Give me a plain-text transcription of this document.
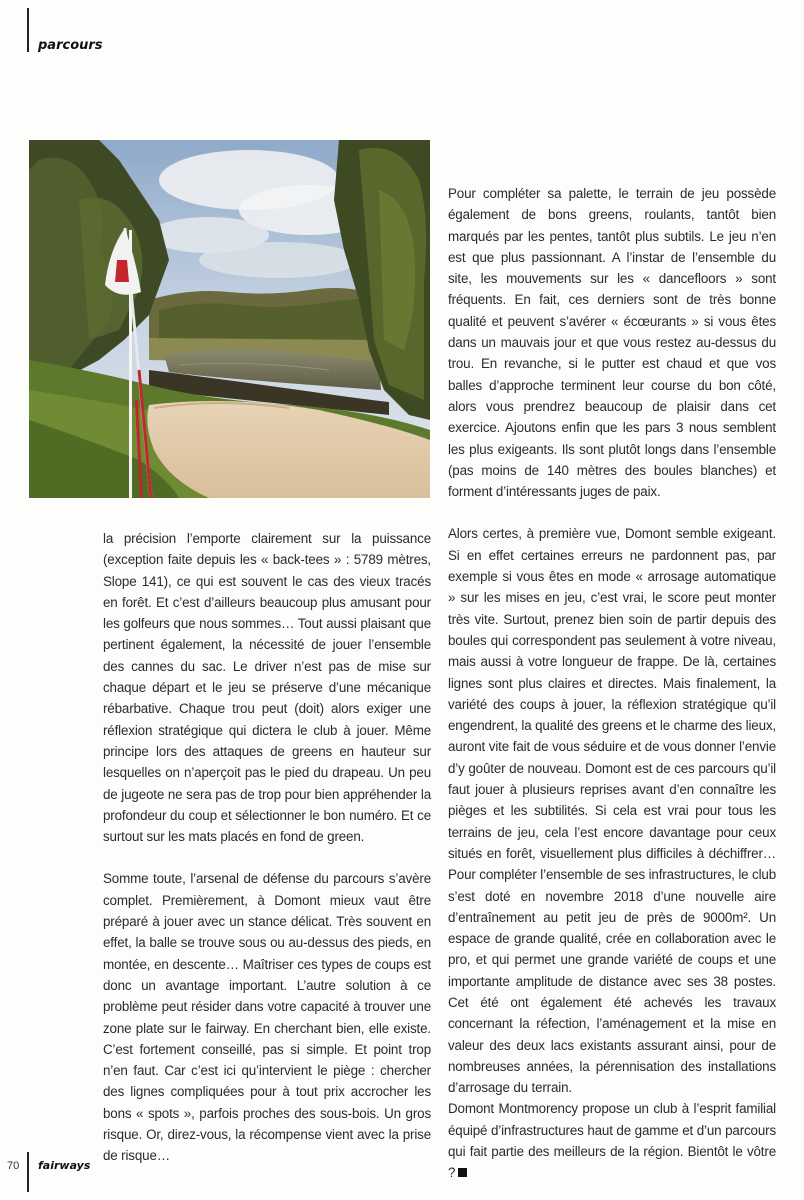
parcours

la précision l’emporte clairement sur la puissance (exception faite depuis les « back-tees » : 5789 mètres, Slope 141), ce qui est souvent le cas des vieux tracés en forêt. Et c’est d’ailleurs beaucoup plus amusant pour les golfeurs que nous sommes… Tout aussi plaisant que pertinent également, la nécessité de jouer l’ensemble des cannes du sac. Le driver n’est pas de mise sur chaque départ et le jeu se préserve d’une mécanique rébarbative. Chaque trou peut (doit) alors exiger une réflexion stratégique qui dictera le club à jouer. Même principe lors des attaques de greens en hauteur sur lesquelles on n’aperçoit pas le pied du drapeau. Un peu de jugeote ne sera pas de trop pour bien appréhender la profondeur du coup et sélectionner le bon numéro. Et ce surtout sur les mats placés en fond de green.

Somme toute, l’arsenal de défense du parcours s’avère complet. Premièrement, à Domont mieux vaut être préparé à jouer avec un stance délicat. Très souvent en effet, la balle se trouve sous ou au-dessus des pieds, en montée, en descente… Maîtriser ces types de coups est donc un avantage important. L’autre solution à ce problème peut résider dans votre capacité à trouver une zone plate sur le fairway. En cherchant bien, elle existe. C’est fortement conseillé, pas si simple. Et point trop n’en faut. Car c’est ici qu’intervient le piège : chercher des lignes compliquées pour à tout prix accrocher les bons « spots », parfois proches des sous-bois. Un gros risque. Or, direz-vous, la récompense vient avec la prise de risque…

Pour compléter sa palette, le terrain de jeu possède également de bons greens, roulants, tantôt bien marqués par les pentes, tantôt plus subtils. Le jeu n’en est que plus passionnant. A l’instar de l’ensemble du site, les mouvements sur les « dancefloors » sont fréquents. En fait, ces derniers sont de très bonne qualité et peuvent s’avérer « écœurants » si vous êtes dans un mauvais jour et que vous restez au-dessus du trou. En revanche, si le putter est chaud et que vos balles d’approche terminent leur course du bon côté, alors vous prendrez beaucoup de plaisir dans cet exercice. Ajoutons enfin que les pars 3 nous semblent les plus exigeants. Ils sont plutôt longs dans l’ensemble (pas moins de 140 mètres des boules blanches) et forment d’intéressants juges de paix.

Alors certes, à première vue, Domont semble exigeant. Si en effet certaines erreurs ne pardonnent pas, par exemple si vous êtes en mode « arrosage automatique » sur les mises en jeu, c’est vrai, le score peut monter très vite. Surtout, prenez bien soin de partir depuis des boules qui correspondent pas seulement à votre niveau, mais aussi à votre longueur de frappe. De là, certaines lignes sont plus claires et directes. Mais finalement, la variété des coups à jouer, la réflexion stratégique qu’il engendrent, la qualité des greens et le charme des lieux, auront vite fait de vous séduire et de vous donner l’envie d’y goûter de nouveau. Domont est de ces parcours qu’il faut jouer à plusieurs reprises avant d’en connaître les pièges et les subtilités. Si cela est vrai pour tous les terrains de jeu, cela l’est encore davantage pour ceux situés en forêt, visuellement plus difficiles à déchiffrer… Pour compléter l’ensemble de ses infrastructures, le club s’est doté en novembre 2018 d’une nouvelle aire d’entraînement au petit jeu de près de 9000m². Un espace de grande qualité, crée en collaboration avec le pro, et qui permet une grande variété de coups et une importante amplitude de distance avec ses 38 postes. Cet été ont également été achevés les travaux concernant la réfection, l’aménagement et la mise en valeur des deux lacs existants assurant ainsi, pour de nombreuses années, la pérennisation des installations d’arrosage du terrain.

Domont Montmorency propose un club à l’esprit familial équipé d’infrastructures haut de gamme et d’un parcours qui fait partie des meilleurs de la région. Bientôt le vôtre ?

70 fairways
